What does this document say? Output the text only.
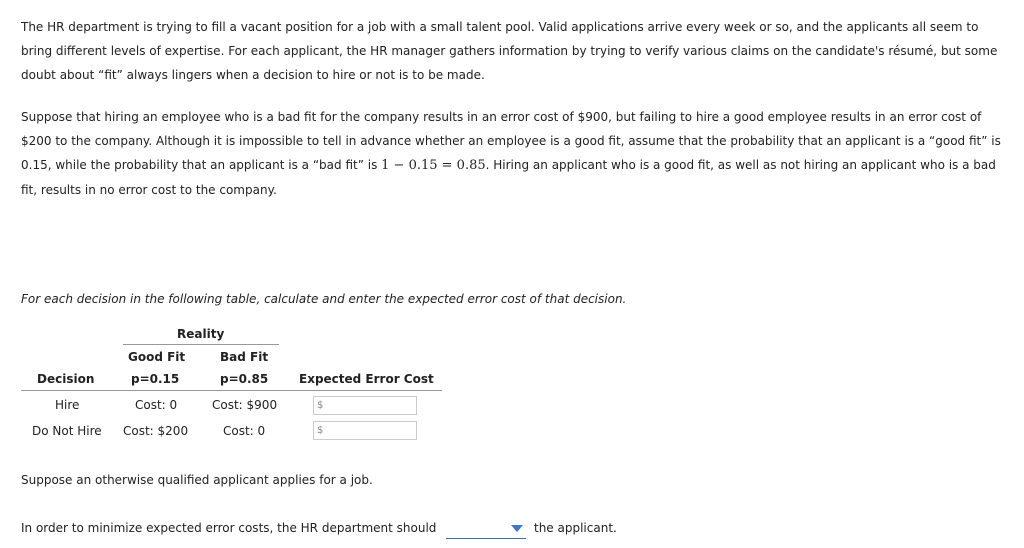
The HR department is trying to fill a vacant position for a job with a small talent pool. Valid applications arrive every week or so, and the applicants all seem to bring different levels of expertise. For each applicant, the HR manager gathers information by trying to verify various claims on the candidate's résumé, but some doubt about “fit” always lingers when a decision to hire or not is to be made.

Suppose that hiring an employee who is a bad fit for the company results in an error cost of $900, but failing to hire a good employee results in an error cost of $200 to the company. Although it is impossible to tell in advance whether an employee is a good fit, assume that the probability that an applicant is a “good fit” is 0.15, while the probability that an applicant is a “bad fit” is 1 − 0.15 = 0.85. Hiring an applicant who is a good fit, as well as not hiring an applicant who is a bad fit, results in no error cost to the company.

For each decision in the following table, calculate and enter the expected error cost of that decision.

Reality
Good Fit	Bad Fit
Decision	p=0.15	p=0.85	Expected Error Cost
Hire	Cost: 0	Cost: $900	$
Do Not Hire Cost: $200	Cost: 0	$

Suppose an otherwise qualified applicant applies for a job.

In order to minimize expected error costs, the HR department should	the applicant.
